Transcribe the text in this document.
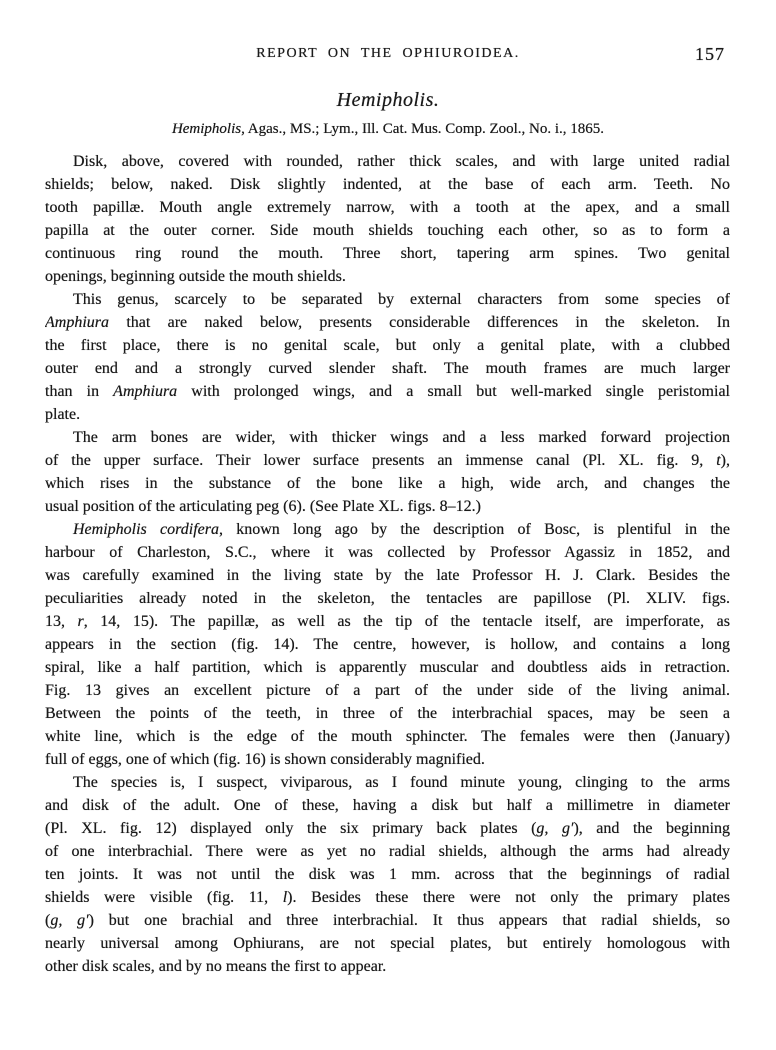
REPORT ON THE OPHIUROIDEA.	157
Hemipholis.
Hemipholis, Agas., MS.; Lym., Ill. Cat. Mus. Comp. Zool., No. i., 1865.
Disk, above, covered with rounded, rather thick scales, and with large united radial
shields; below, naked. Disk slightly indented, at the base of each arm. Teeth. No
tooth papillæ. Mouth angle extremely narrow, with a tooth at the apex, and a small
papilla at the outer corner. Side mouth shields touching each other, so as to form a
continuous ring round the mouth. Three short, tapering arm spines. Two genital
openings, beginning outside the mouth shields.
This genus, scarcely to be separated by external characters from some species of
Amphiura that are naked below, presents considerable differences in the skeleton. In
the first place, there is no genital scale, but only a genital plate, with a clubbed
outer end and a strongly curved slender shaft. The mouth frames are much larger
than in Amphiura with prolonged wings, and a small but well-marked single peristomial
plate.
The arm bones are wider, with thicker wings and a less marked forward projection
of the upper surface. Their lower surface presents an immense canal (Pl. XL. fig. 9, t),
which rises in the substance of the bone like a high, wide arch, and changes the
usual position of the articulating peg (6). (See Plate XL. figs. 8–12.)
Hemipholis cordifera, known long ago by the description of Bosc, is plentiful in the
harbour of Charleston, S.C., where it was collected by Professor Agassiz in 1852, and
was carefully examined in the living state by the late Professor H. J. Clark. Besides the
peculiarities already noted in the skeleton, the tentacles are papillose (Pl. XLIV. figs.
13, r, 14, 15). The papillæ, as well as the tip of the tentacle itself, are imperforate, as
appears in the section (fig. 14). The centre, however, is hollow, and contains a long
spiral, like a half partition, which is apparently muscular and doubtless aids in retraction.
Fig. 13 gives an excellent picture of a part of the under side of the living animal.
Between the points of the teeth, in three of the interbrachial spaces, may be seen a
white line, which is the edge of the mouth sphincter. The females were then (January)
full of eggs, one of which (fig. 16) is shown considerably magnified.
The species is, I suspect, viviparous, as I found minute young, clinging to the arms
and disk of the adult. One of these, having a disk but half a millimetre in diameter
(Pl. XL. fig. 12) displayed only the six primary back plates (g, g′), and the beginning
of one interbrachial. There were as yet no radial shields, although the arms had already
ten joints. It was not until the disk was 1 mm. across that the beginnings of radial
shields were visible (fig. 11, l). Besides these there were not only the primary plates
(g, g′) but one brachial and three interbrachial. It thus appears that radial shields, so
nearly universal among Ophiurans, are not special plates, but entirely homologous with
other disk scales, and by no means the first to appear.
